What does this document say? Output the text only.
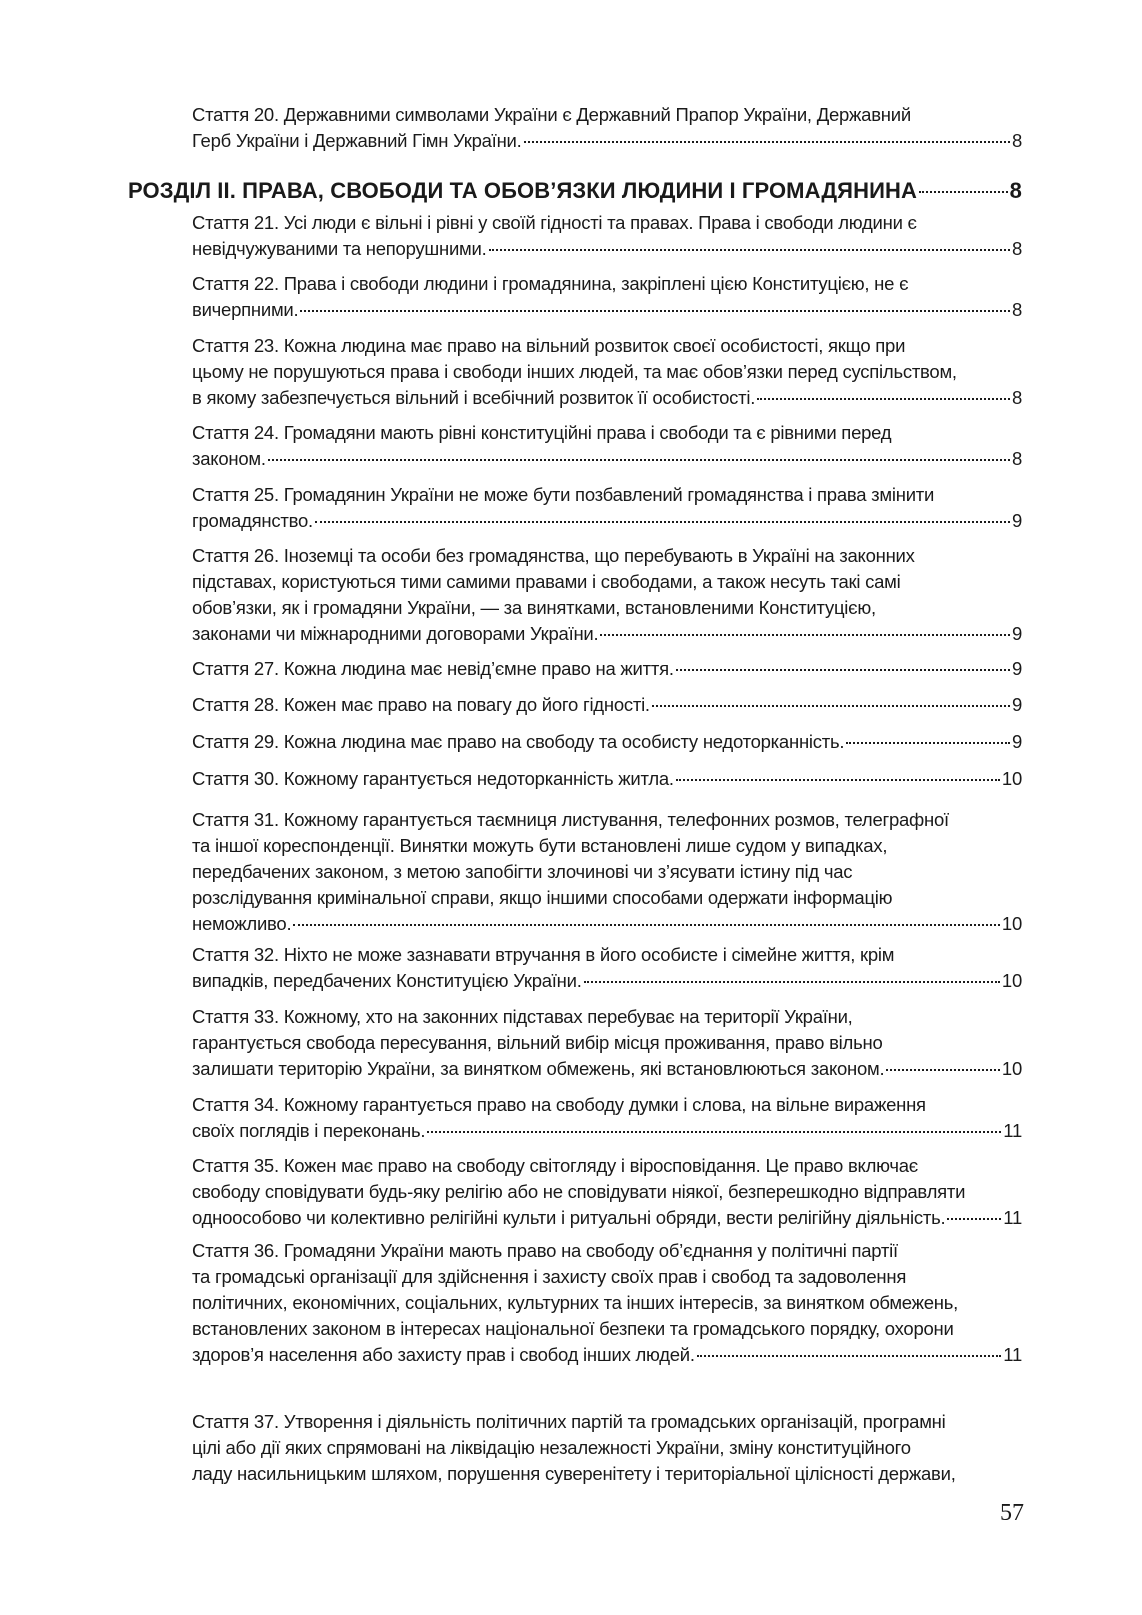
Стаття 20. Державними символами України є Державний Прапор України, Державний
Герб України і Державний Гімн України.	8
РОЗДІЛ ІІ. ПРАВА, СВОБОДИ ТА ОБОВ’ЯЗКИ ЛЮДИНИ І ГРОМАДЯНИНА	8
Стаття 21. Усі люди є вільні і рівні у своїй гідності та правах. Права і свободи людини є
невідчужуваними та непорушними.	8
Стаття 22. Права і свободи людини і громадянина, закріплені цією Конституцією, не є
вичерпними.	8
Стаття 23. Кожна людина має право на вільний розвиток своєї особистості, якщо при
цьому не порушуються права і свободи інших людей, та має обов’язки перед суспільством,
в якому забезпечується вільний і всебічний розвиток її особистості.	8
Стаття 24. Громадяни мають рівні конституційні права і свободи та є рівними перед
законом.	8
Стаття 25. Громадянин України не може бути позбавлений громадянства і права змінити
громадянство.	9
Стаття 26. Іноземці та особи без громадянства, що перебувають в Україні на законних
підставах, користуються тими самими правами і свободами, а також несуть такі самі
обов’язки, як і громадяни України, — за винятками, встановленими Конституцією,
законами чи міжнародними договорами України.	9
Стаття 27. Кожна людина має невід’ємне право на життя.	9
Стаття 28. Кожен має право на повагу до його гідності.	9
Стаття 29. Кожна людина має право на свободу та особисту недоторканність.	9
Стаття 30. Кожному гарантується недоторканність житла.	10
Стаття 31. Кожному гарантується таємниця листування, телефонних розмов, телеграфної
та іншої кореспонденції. Винятки можуть бути встановлені лише судом у випадках,
передбачених законом, з метою запобігти злочинові чи з’ясувати істину під час
розслідування кримінальної справи, якщо іншими способами одержати інформацію
неможливо.	10
Стаття 32. Ніхто не може зазнавати втручання в його особисте і сімейне життя, крім
випадків, передбачених Конституцією України.	10
Стаття 33. Кожному, хто на законних підставах перебуває на території України,
гарантується свобода пересування, вільний вибір місця проживання, право вільно
залишати територію України, за винятком обмежень, які встановлюються законом.	10
Стаття 34. Кожному гарантується право на свободу думки і слова, на вільне вираження
своїх поглядів і переконань.	11
Стаття 35. Кожен має право на свободу світогляду і віросповідання. Це право включає
свободу сповідувати будь-яку релігію або не сповідувати ніякої, безперешкодно відправляти
одноособово чи колективно релігійні культи і ритуальні обряди, вести релігійну діяльність.	11
Стаття 36. Громадяни України мають право на свободу об’єднання у політичні партії
та громадські організації для здійснення і захисту своїх прав і свобод та задоволення
політичних, економічних, соціальних, культурних та інших інтересів, за винятком обмежень,
встановлених законом в інтересах національної безпеки та громадського порядку, охорони
здоров’я населення або захисту прав і свобод інших людей.	11
Стаття 37. Утворення і діяльність політичних партій та громадських організацій, програмні
цілі або дії яких спрямовані на ліквідацію незалежності України, зміну конституційного
ладу насильницьким шляхом, порушення суверенітету і територіальної цілісності держави,
57
